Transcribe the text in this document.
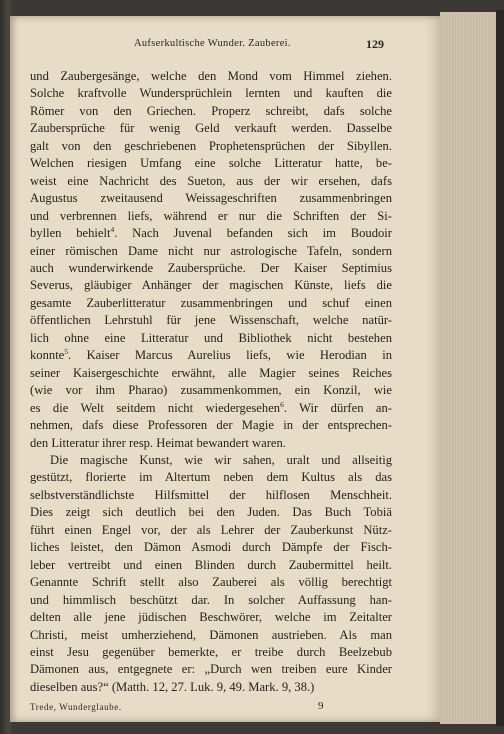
Aufserkultische Wunder. Zauberei.	129
und Zaubergesänge, welche den Mond vom Himmel ziehen.
Solche kraftvolle Wundersprüchlein lernten und kauften die
Römer von den Griechen. Properz schreibt, dafs solche
Zaubersprüche für wenig Geld verkauft werden. Dasselbe
galt von den geschriebenen Prophetensprüchen der Sibyllen.
Welchen riesigen Umfang eine solche Litteratur hatte, be-
weist eine Nachricht des Sueton, aus der wir ersehen, dafs
Augustus zweitausend Weissageschriften zusammenbringen
und verbrennen liefs, während er nur die Schriften der Si-
byllen behielt$^4$. Nach Juvenal befanden sich im Boudoir
einer römischen Dame nicht nur astrologische Tafeln, sondern
auch wunderwirkende Zaubersprüche. Der Kaiser Septimius
Severus, gläubiger Anhänger der magischen Künste, liefs die
gesamte Zauberlitteratur zusammenbringen und schuf einen
öffentlichen Lehrstuhl für jene Wissenschaft, welche natür-
lich ohne eine Litteratur und Bibliothek nicht bestehen
konnte$^5$. Kaiser Marcus Aurelius liefs, wie Herodian in
seiner Kaisergeschichte erwähnt, alle Magier seines Reiches
(wie vor ihm Pharao) zusammenkommen, ein Konzil, wie
es die Welt seitdem nicht wiedergesehen$^6$. Wir dürfen an-
nehmen, dafs diese Professoren der Magie in der entsprechen-
den Litteratur ihrer resp. Heimat bewandert waren.
Die magische Kunst, wie wir sahen, uralt und allseitig
gestützt, florierte im Altertum neben dem Kultus als das
selbstverständlichste Hilfsmittel der hilflosen Menschheit.
Dies zeigt sich deutlich bei den Juden. Das Buch Tobiä
führt einen Engel vor, der als Lehrer der Zauberkunst Nütz-
liches leistet, den Dämon Asmodi durch Dämpfe der Fisch-
leber vertreibt und einen Blinden durch Zaubermittel heilt.
Genannte Schrift stellt also Zauberei als völlig berechtigt
und himmlisch beschützt dar. In solcher Auffassung han-
delten alle jene jüdischen Beschwörer, welche im Zeitalter
Christi, meist umherziehend, Dämonen austrieben. Als man
einst Jesu gegenüber bemerkte, er treibe durch Beelzebub
Dämonen aus, entgegnete er: „Durch wen treiben eure Kinder
dieselben aus?“ (Matth. 12, 27. Luk. 9, 49. Mark. 9, 38.)
Trede, Wunderglaube.	9
